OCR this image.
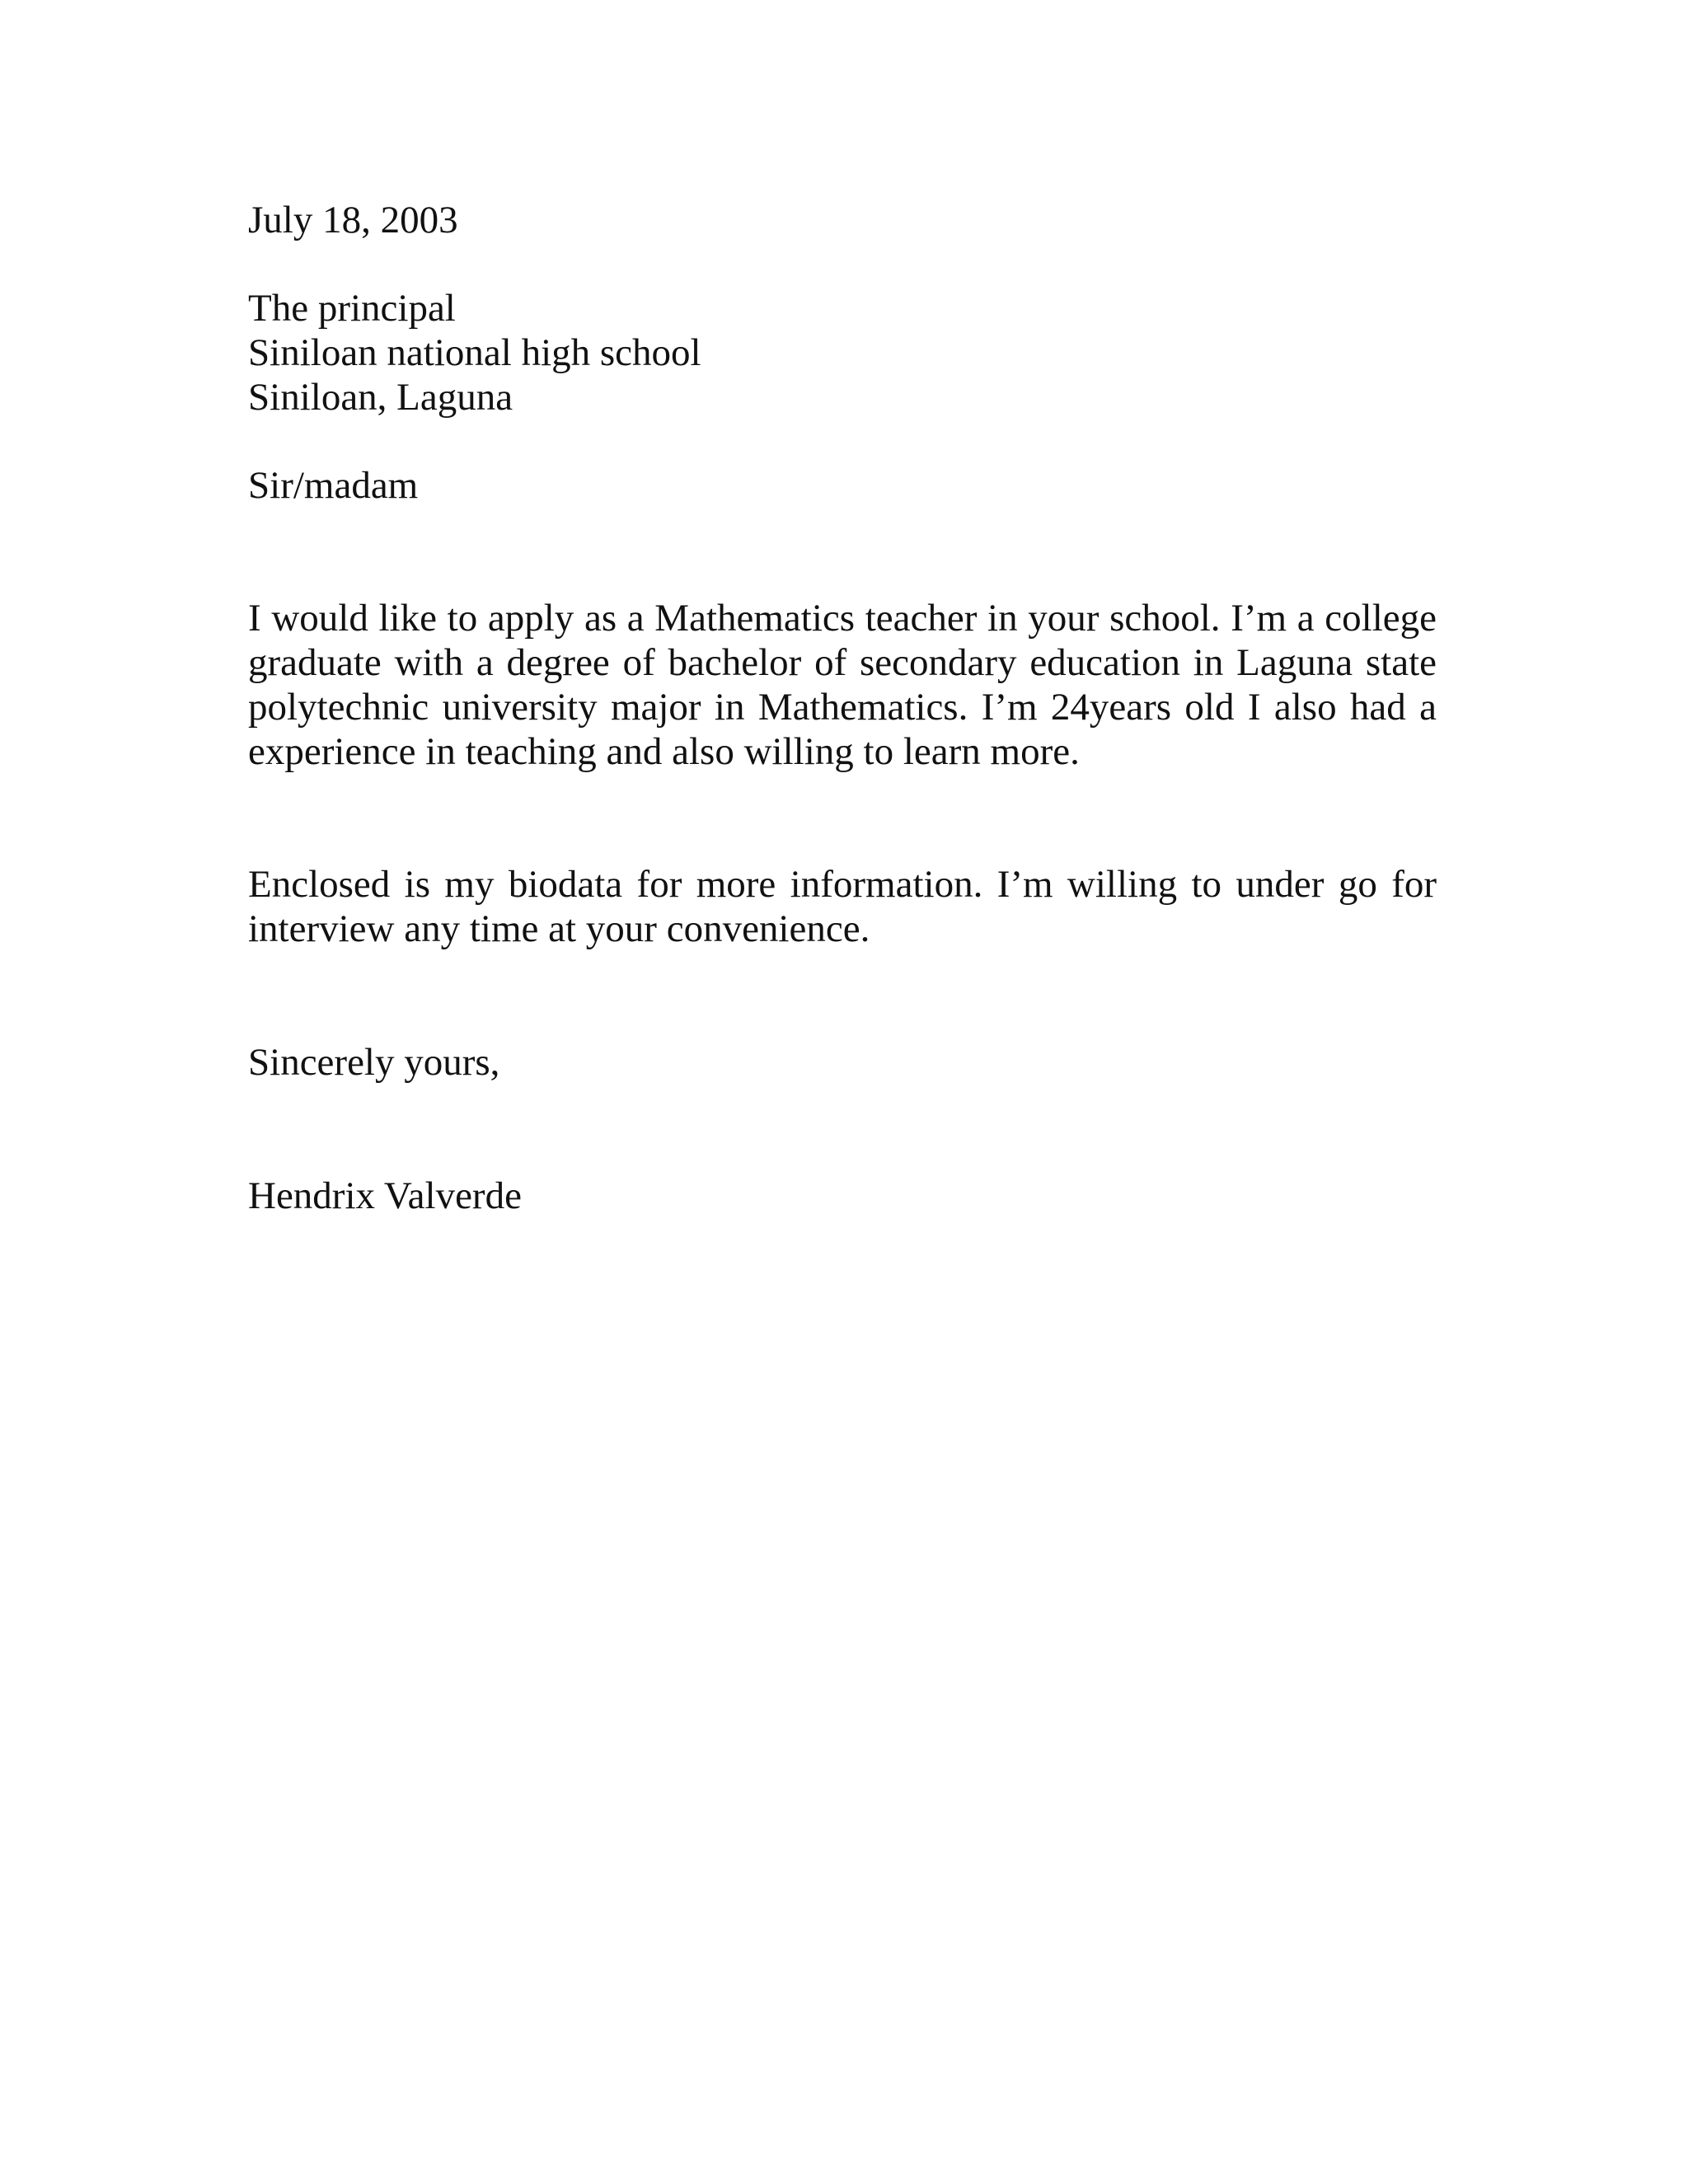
July 18, 2003

The principal
Siniloan national high school
Siniloan, Laguna

Sir/madam

I would like to apply as a Mathematics teacher in your school. I’m a college graduate with a degree of bachelor of secondary education in Laguna state polytechnic university major in Mathematics. I’m 24years old I also had a experience in teaching and also willing to learn more.

Enclosed is my biodata for more information. I’m willing to under go for interview any time at your convenience.

Sincerely yours,

Hendrix Valverde
